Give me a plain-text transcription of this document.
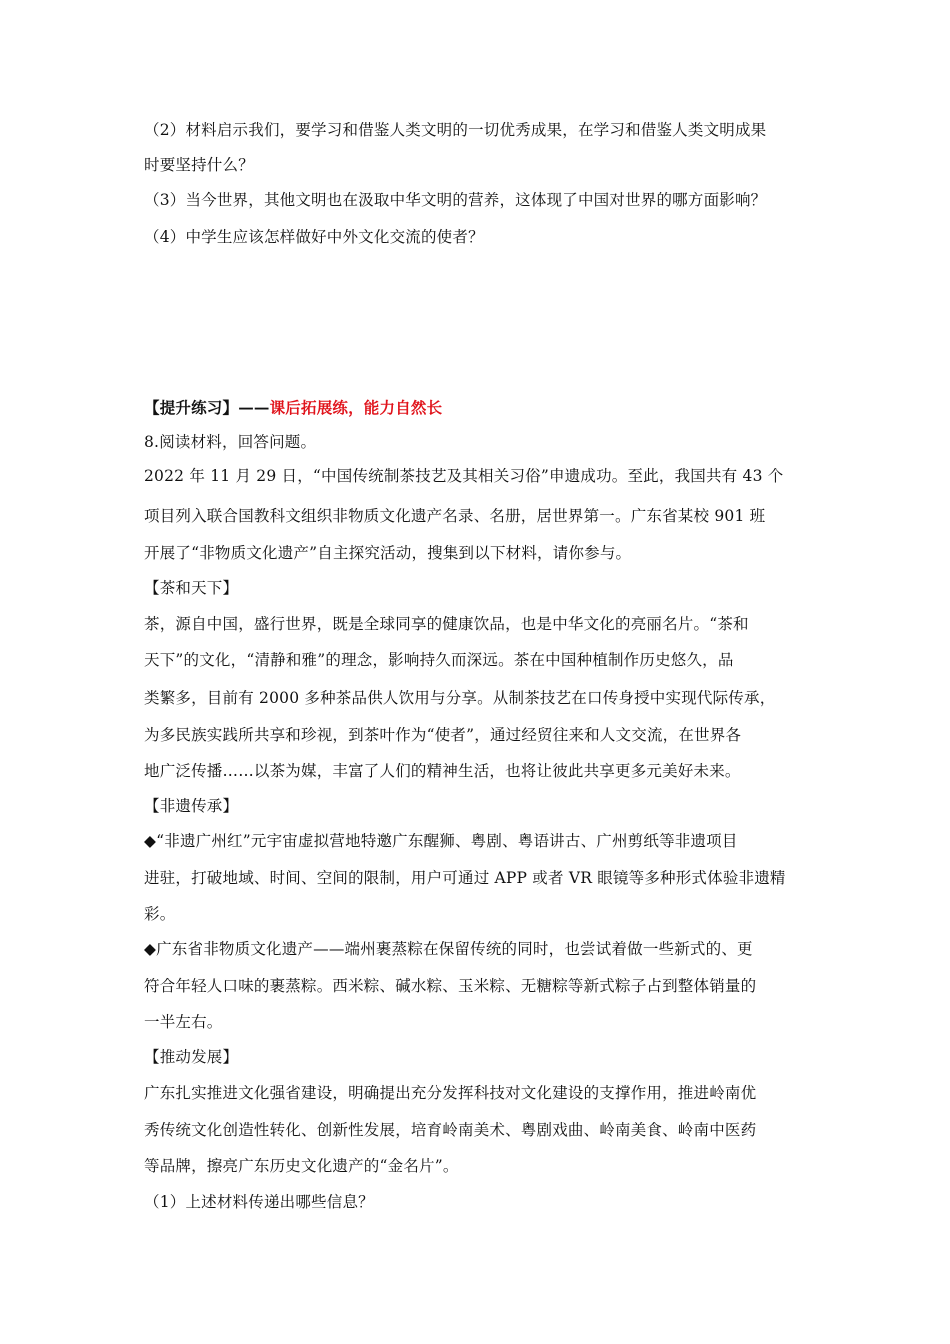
（2）材料启示我们，要学习和借鉴人类文明的一切优秀成果，在学习和借鉴人类文明成果
时要坚持什么？
（3）当今世界，其他文明也在汲取中华文明的营养，这体现了中国对世界的哪方面影响？
（4）中学生应该怎样做好中外文化交流的使者？
【提升练习】——课后拓展练，能力自然长
8.阅读材料，回答问题。
2022 年 11 月 29 日，“中国传统制茶技艺及其相关习俗”申遗成功。至此，我国共有 43 个
项目列入联合国教科文组织非物质文化遗产名录、名册，居世界第一。广东省某校 901 班
开展了“非物质文化遗产”自主探究活动，搜集到以下材料，请你参与。
【茶和天下】
茶，源自中国，盛行世界，既是全球同享的健康饮品，也是中华文化的亮丽名片。“茶和
天下”的文化，“清静和雅”的理念，影响持久而深远。茶在中国种植制作历史悠久，品
类繁多，目前有 2000 多种茶品供人饮用与分享。从制茶技艺在口传身授中实现代际传承，
为多民族实践所共享和珍视，到茶叶作为“使者”，通过经贸往来和人文交流，在世界各
地广泛传播……以茶为媒，丰富了人们的精神生活，也将让彼此共享更多元美好未来。
【非遗传承】
◆“非遗广州红”元宇宙虚拟营地特邀广东醒狮、粤剧、粤语讲古、广州剪纸等非遗项目
进驻，打破地域、时间、空间的限制，用户可通过 APP 或者 VR 眼镜等多种形式体验非遗精
彩。
◆广东省非物质文化遗产——端州裹蒸粽在保留传统的同时，也尝试着做一些新式的、更
符合年轻人口味的裹蒸粽。西米粽、碱水粽、玉米粽、无糖粽等新式粽子占到整体销量的
一半左右。
【推动发展】
广东扎实推进文化强省建设，明确提出充分发挥科技对文化建设的支撑作用，推进岭南优
秀传统文化创造性转化、创新性发展，培育岭南美术、粤剧戏曲、岭南美食、岭南中医药
等品牌，擦亮广东历史文化遗产的“金名片”。
（1）上述材料传递出哪些信息？
